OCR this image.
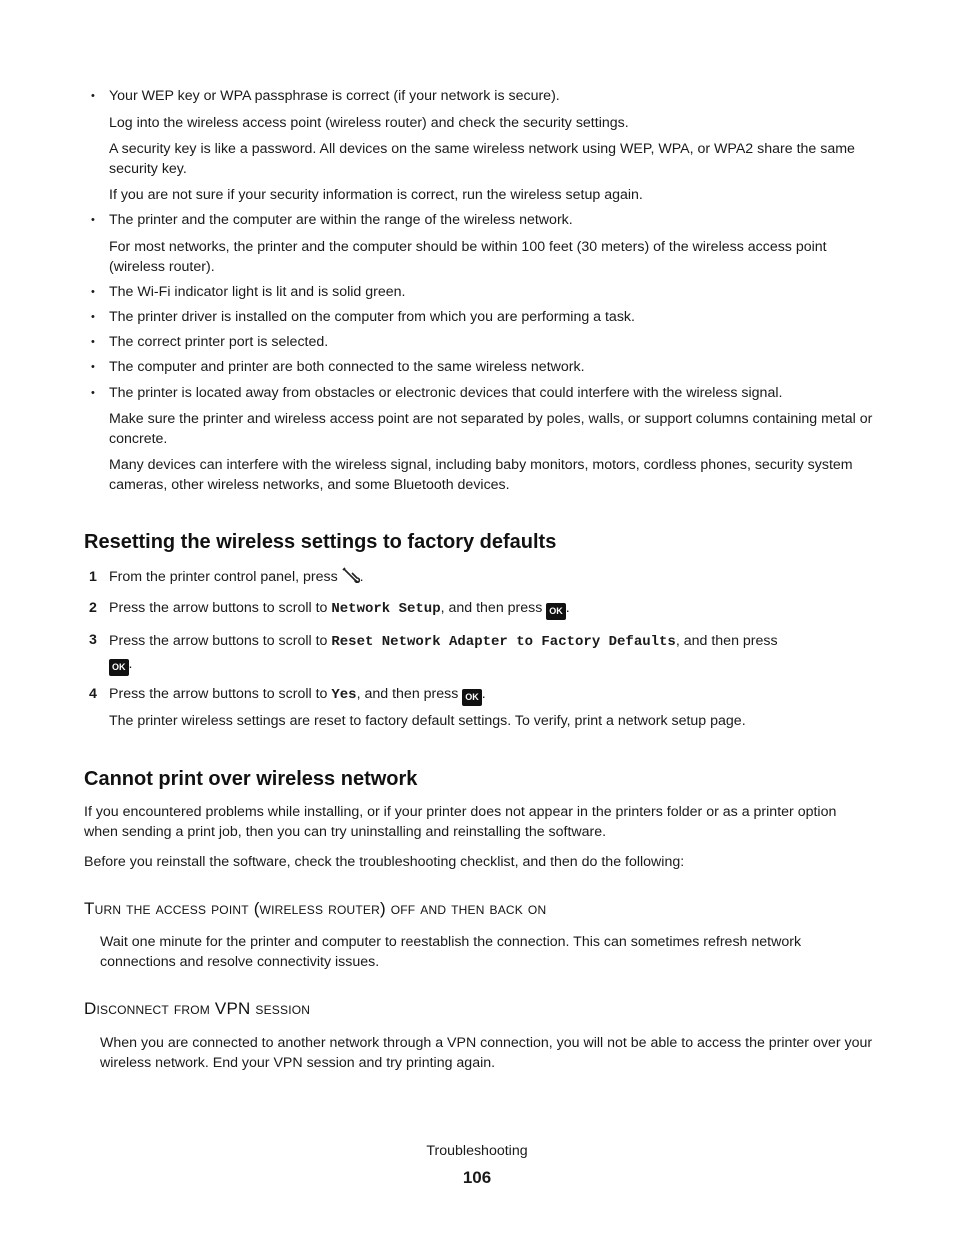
• Your WEP key or WPA passphrase is correct (if your network is secure).
Log into the wireless access point (wireless router) and check the security settings.
A security key is like a password. All devices on the same wireless network using WEP, WPA, or WPA2 share the same security key.
If you are not sure if your security information is correct, run the wireless setup again.
• The printer and the computer are within the range of the wireless network.
For most networks, the printer and the computer should be within 100 feet (30 meters) of the wireless access point (wireless router).
• The Wi-Fi indicator light is lit and is solid green.
• The printer driver is installed on the computer from which you are performing a task.
• The correct printer port is selected.
• The computer and printer are both connected to the same wireless network.
• The printer is located away from obstacles or electronic devices that could interfere with the wireless signal.
Make sure the printer and wireless access point are not separated by poles, walls, or support columns containing metal or concrete.
Many devices can interfere with the wireless signal, including baby monitors, motors, cordless phones, security system cameras, other wireless networks, and some Bluetooth devices.
Resetting the wireless settings to factory defaults
1 From the printer control panel, press .
2 Press the arrow buttons to scroll to Network Setup, and then press OK .
3 Press the arrow buttons to scroll to Reset Network Adapter to Factory Defaults, and then press
OK .
4 Press the arrow buttons to scroll to Yes, and then press OK .
The printer wireless settings are reset to factory default settings. To verify, print a network setup page.
Cannot print over wireless network
If you encountered problems while installing, or if your printer does not appear in the printers folder or as a printer option when sending a print job, then you can try uninstalling and reinstalling the software.
Before you reinstall the software, check the troubleshooting checklist, and then do the following:
Turn the access point (wireless router) off and then back on
Wait one minute for the printer and computer to reestablish the connection. This can sometimes refresh network connections and resolve connectivity issues.
Disconnect from VPN session
When you are connected to another network through a VPN connection, you will not be able to access the printer over your wireless network. End your VPN session and try printing again.
Troubleshooting
106
